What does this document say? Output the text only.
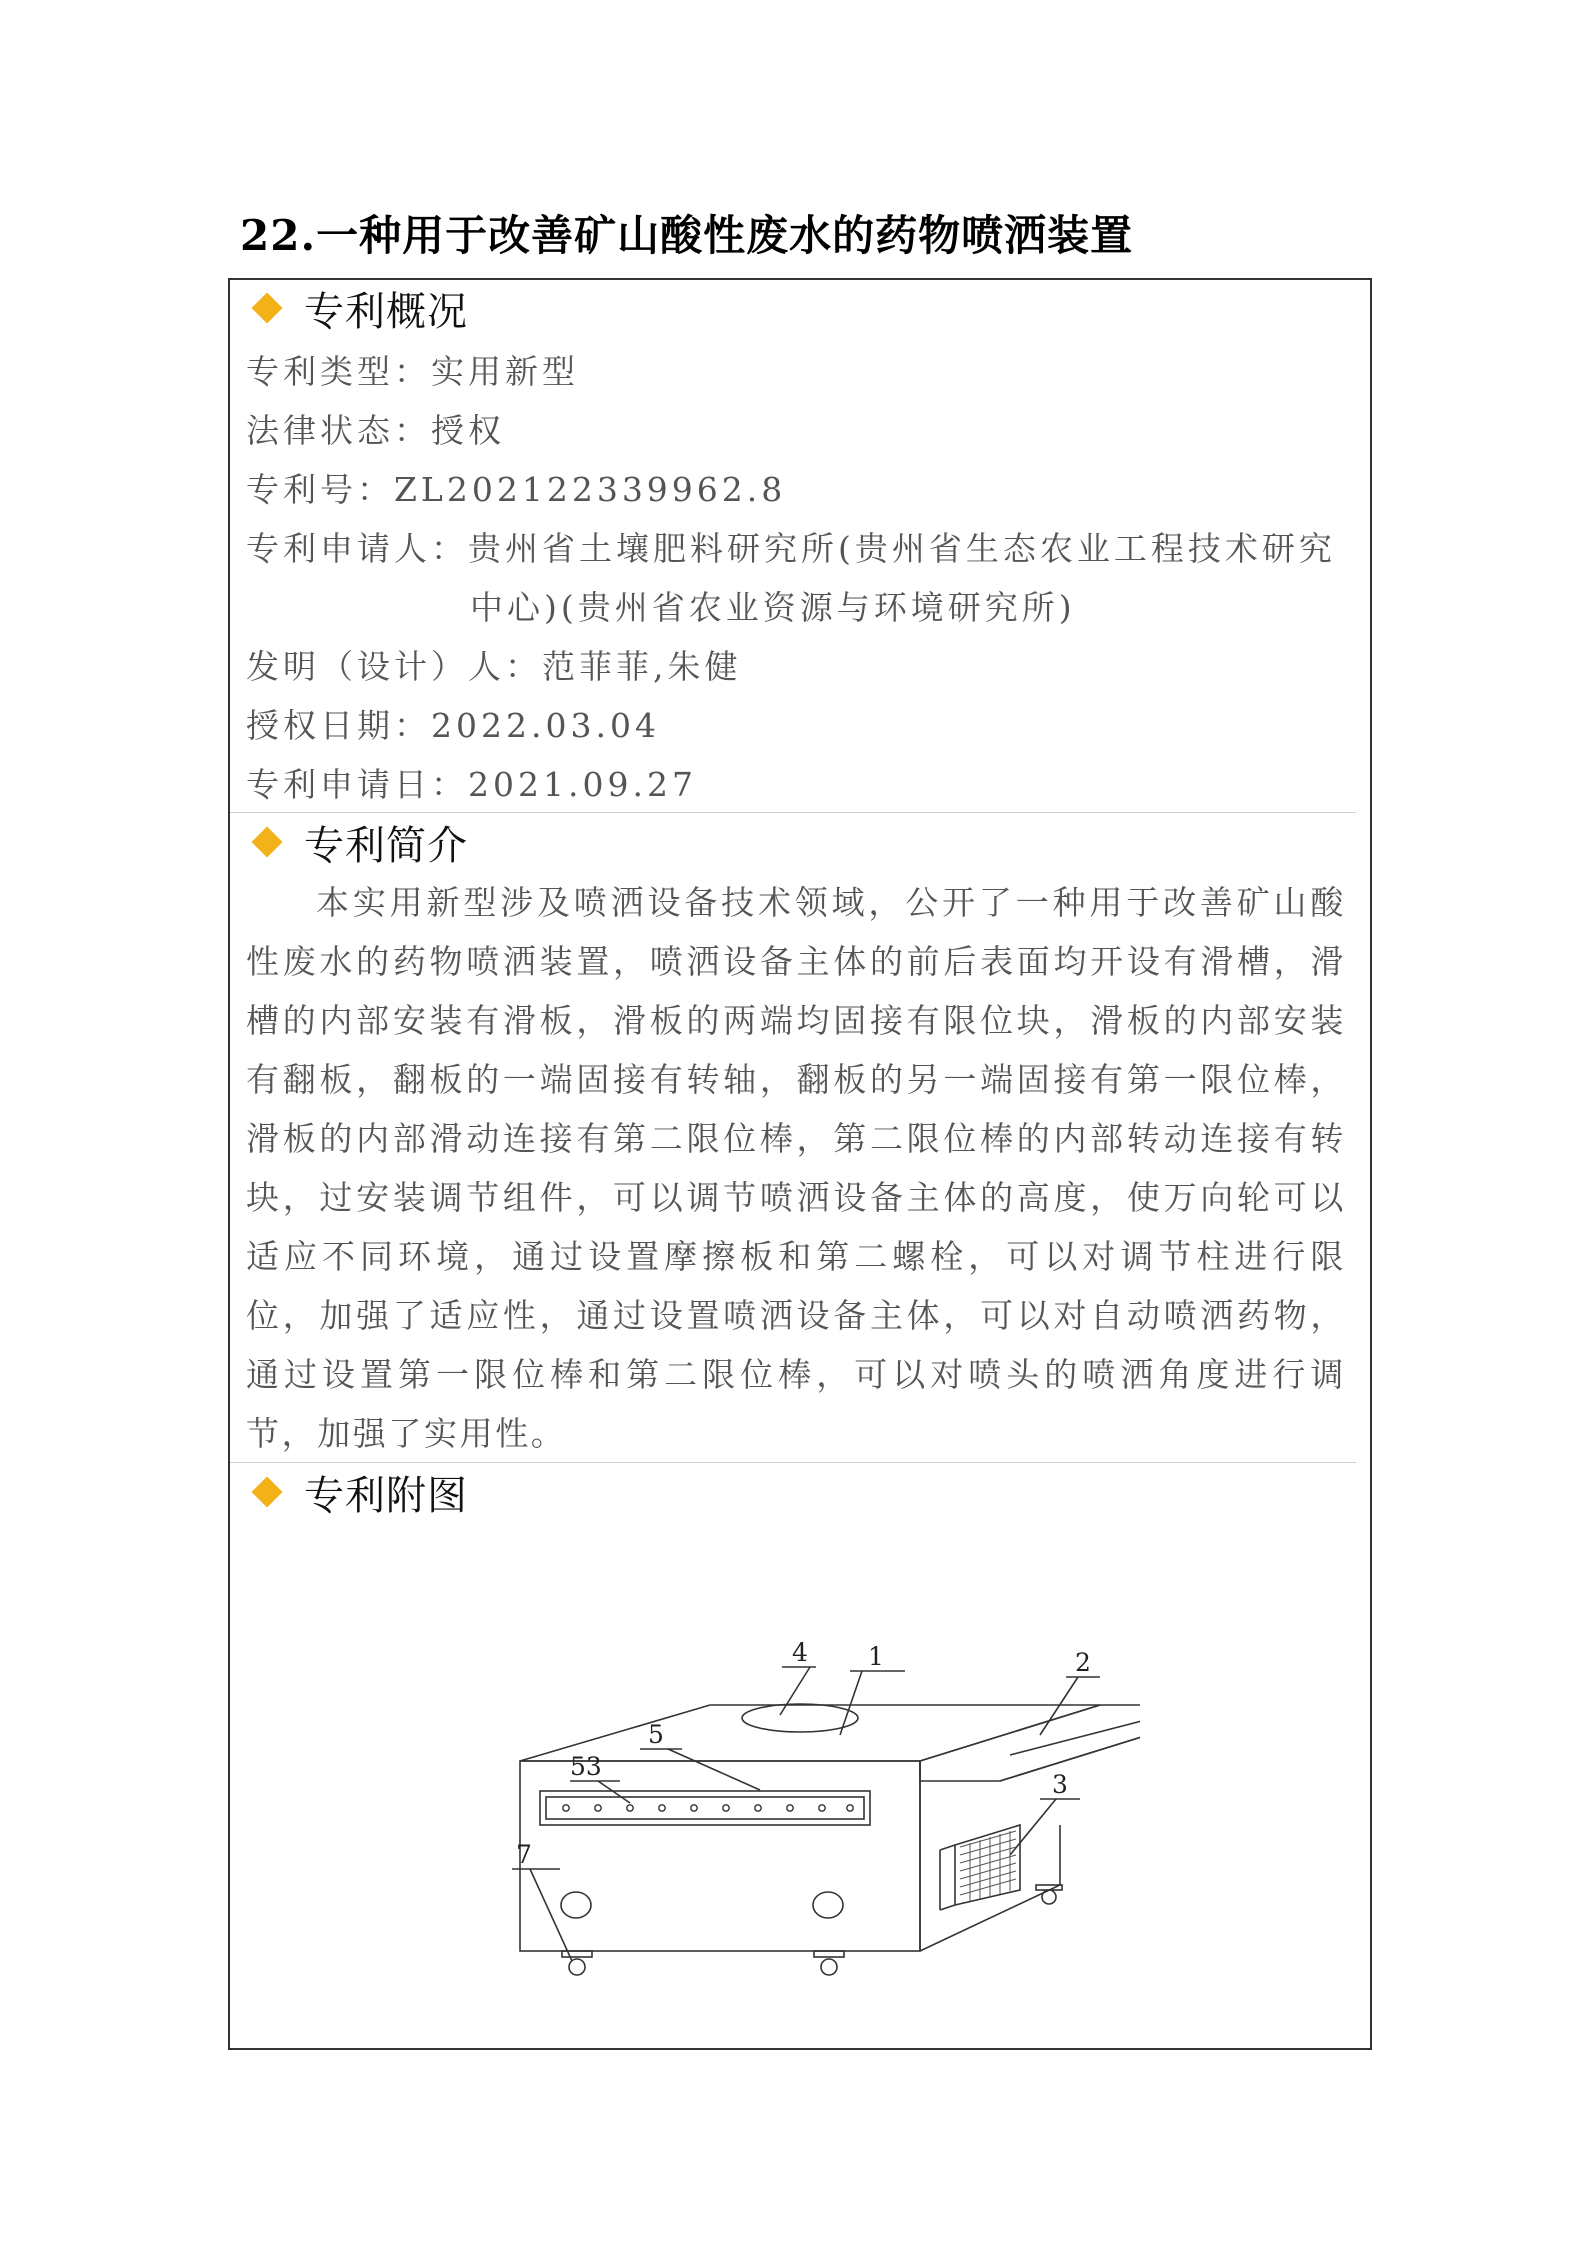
22.一种用于改善矿山酸性废水的药物喷洒装置
专利概况
专利类型：实用新型
法律状态：授权
专利号：ZL202122339962.8
专利申请人：贵州省土壤肥料研究所(贵州省生态农业工程技术研究
中心)(贵州省农业资源与环境研究所)
发明（设计）人：范菲菲,朱健
授权日期：2022.03.04
专利申请日：2021.09.27
专利简介

本实用新型涉及喷洒设备技术领域，公开了一种用于改善矿山酸性废水的药物喷洒装置，喷洒设备主体的前后表面均开设有滑槽，滑槽的内部安装有滑板，滑板的两端均固接有限位块，滑板的内部安装有翻板，翻板的一端固接有转轴，翻板的另一端固接有第一限位棒，滑板的内部滑动连接有第二限位棒，第二限位棒的内部转动连接有转块，过安装调节组件，可以调节喷洒设备主体的高度，使万向轮可以适应不同环境，通过设置摩擦板和第二螺栓，可以对调节柱进行限位，加强了适应性，通过设置喷洒设备主体，可以对自动喷洒药物，通过设置第一限位棒和第二限位棒，可以对喷头的喷洒角度进行调节，加强了实用性。

专利附图
4 1	2
5
53
3
7
